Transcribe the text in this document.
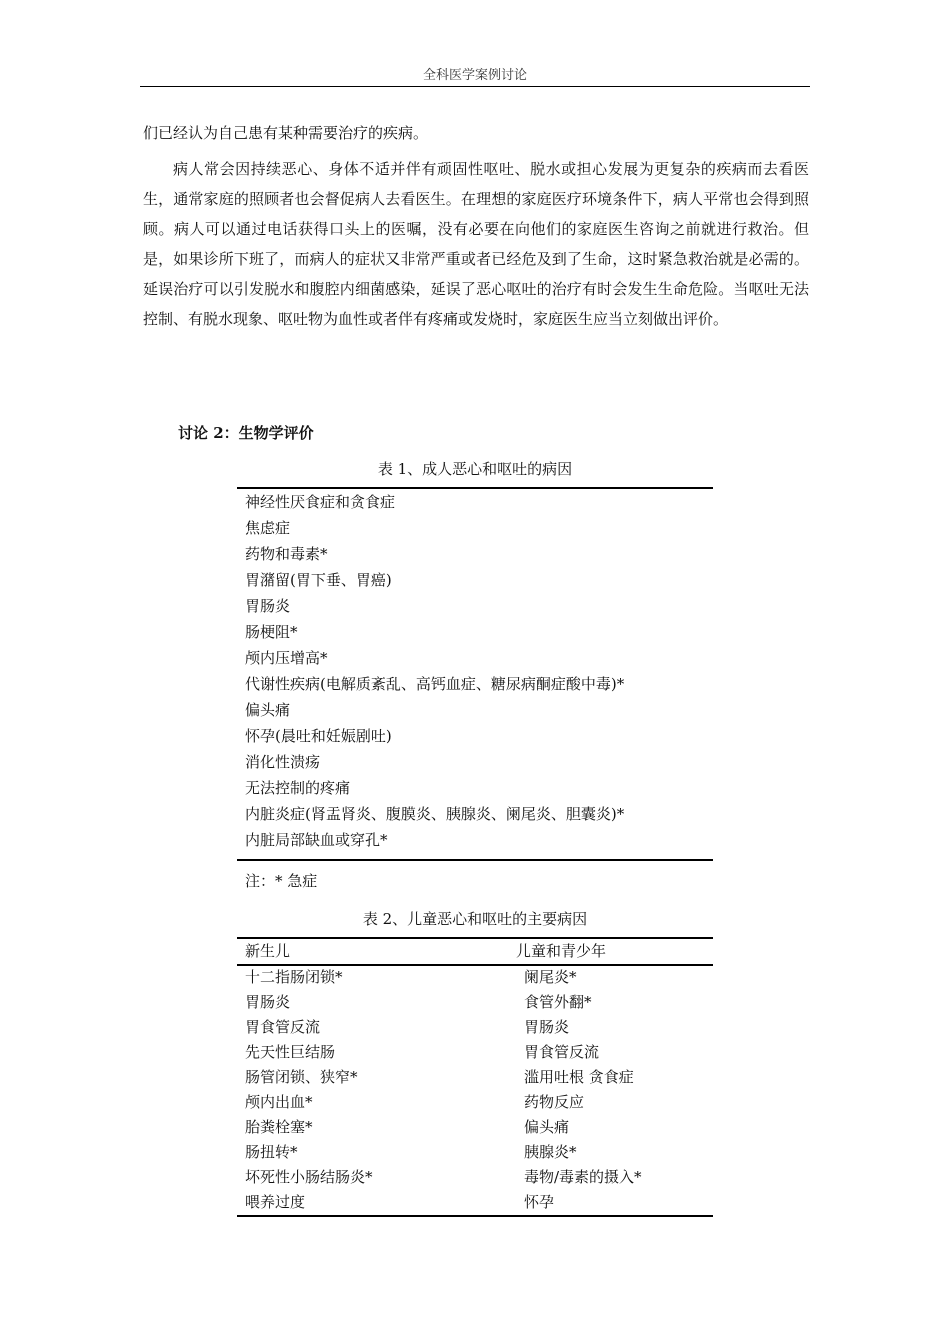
全科医学案例讨论

们已经认为自己患有某种需要治疗的疾病。

病人常会因持续恶心、身体不适并伴有顽固性呕吐、脱水或担心发展为更复杂的疾病而去看医生，通常家庭的照顾者也会督促病人去看医生。在理想的家庭医疗环境条件下，病人平常也会得到照顾。病人可以通过电话获得口头上的医嘱，没有必要在向他们的家庭医生咨询之前就进行救治。但是，如果诊所下班了，而病人的症状又非常严重或者已经危及到了生命，这时紧急救治就是必需的。延误治疗可以引发脱水和腹腔内细菌感染，延误了恶心呕吐的治疗有时会发生生命危险。当呕吐无法控制、有脱水现象、呕吐物为血性或者伴有疼痛或发烧时，家庭医生应当立刻做出评价。

讨论 2：生物学评价
表 1、成人恶心和呕吐的病因
神经性厌食症和贪食症
焦虑症
药物和毒素*
胃潴留(胃下垂、胃癌)
胃肠炎
肠梗阻*
颅内压增高*
代谢性疾病(电解质紊乱、高钙血症、糖尿病酮症酸中毒)*
偏头痛
怀孕(晨吐和妊娠剧吐)
消化性溃疡
无法控制的疼痛
内脏炎症(肾盂肾炎、腹膜炎、胰腺炎、阑尾炎、胆囊炎)*
内脏局部缺血或穿孔*
注：* 急症
表 2、儿童恶心和呕吐的主要病因
新生儿	儿童和青少年
十二指肠闭锁*
胃肠炎
胃食管反流
先天性巨结肠
肠管闭锁、狭窄*
颅内出血*
胎粪栓塞*
肠扭转*
坏死性小肠结肠炎*
喂养过度
阑尾炎*
食管外翻*
胃肠炎
胃食管反流
滥用吐根 贪食症
药物反应
偏头痛
胰腺炎*
毒物/毒素的摄入*
怀孕
